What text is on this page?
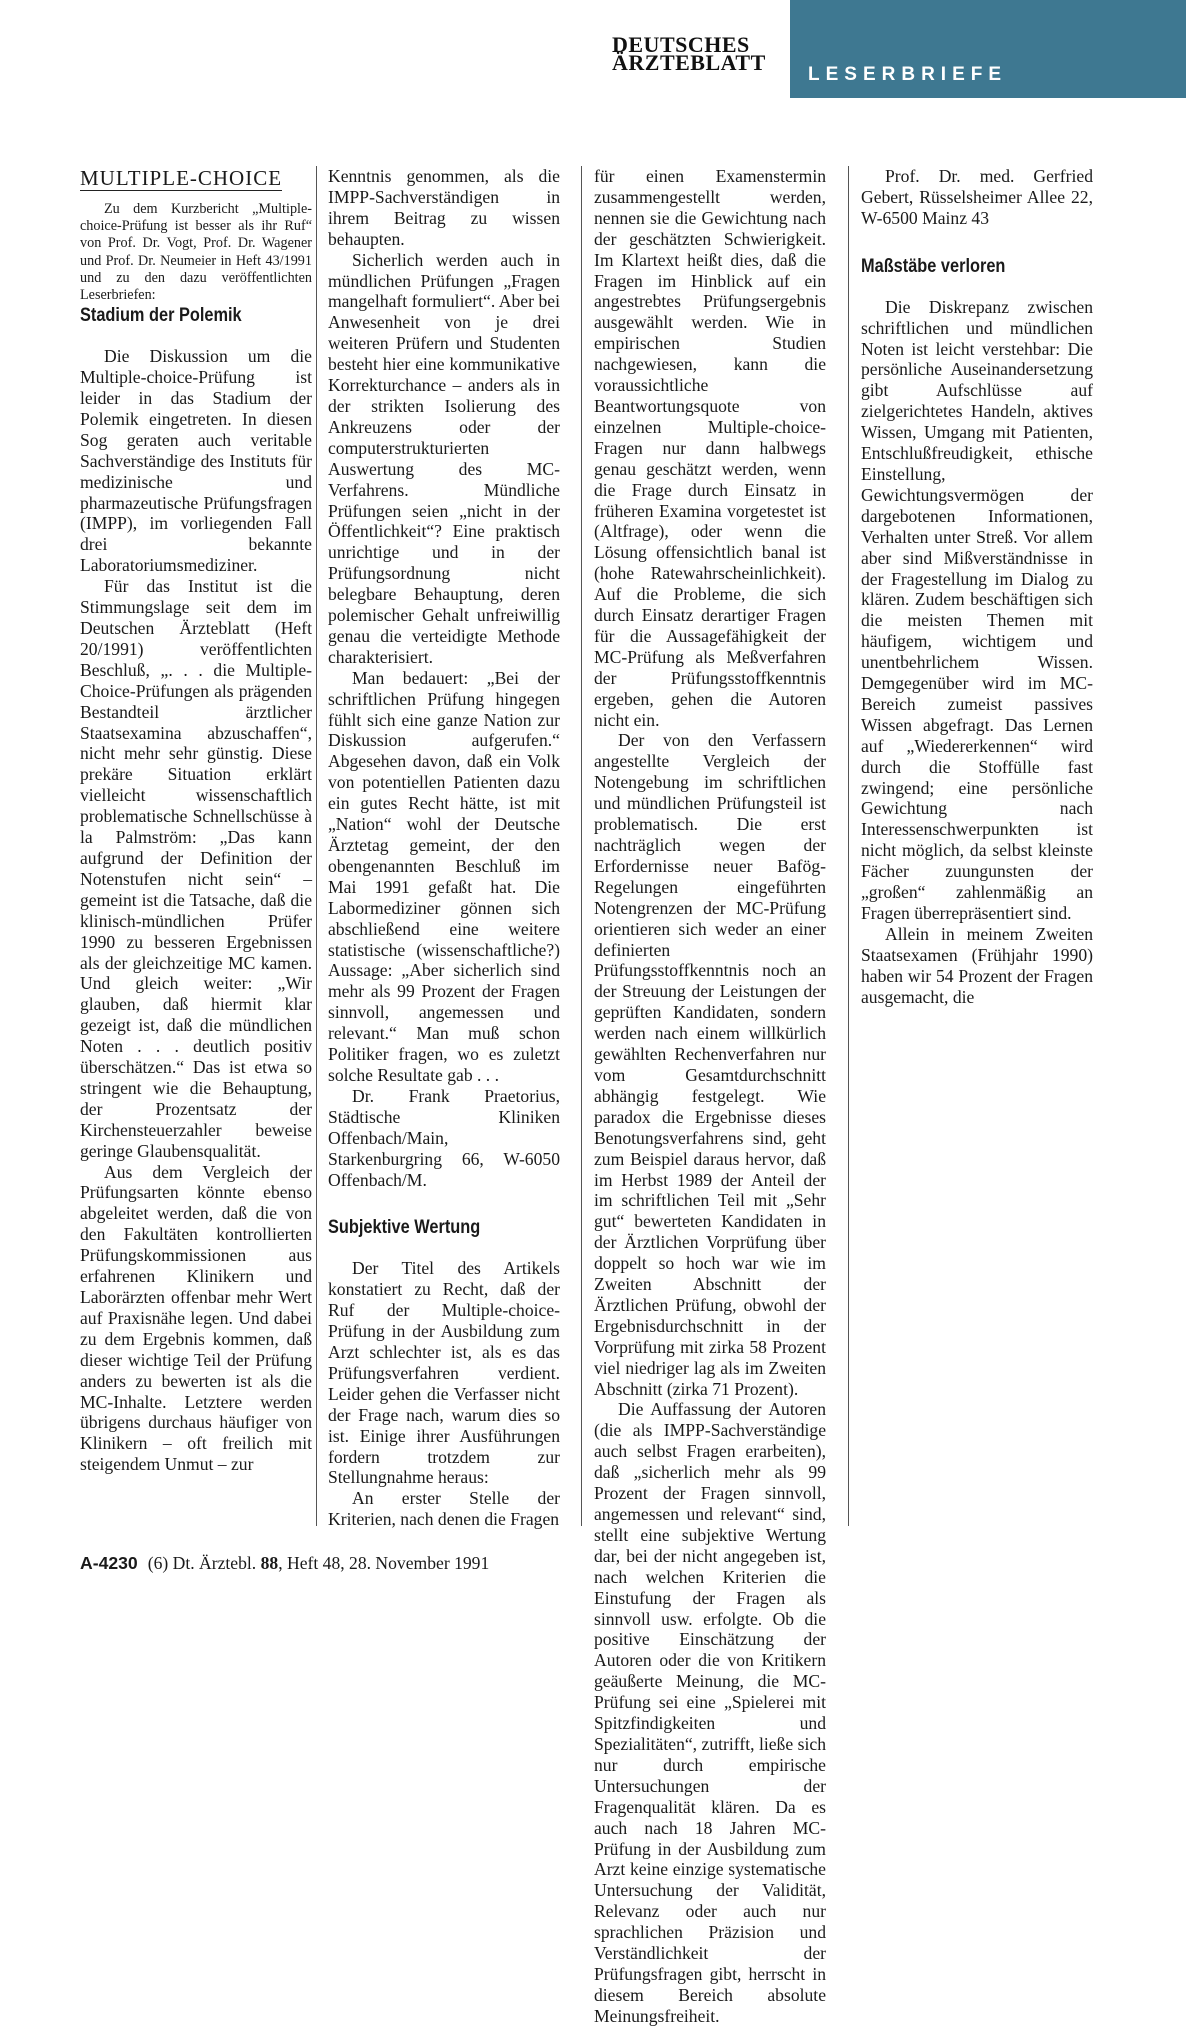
LESERBRIEFE
DEUTSCHES
ÄRZTEBLATT
MULTIPLE-CHOICE

Zu dem Kurzbericht „Multiple-choice-Prüfung ist besser als ihr Ruf“ von Prof. Dr. Vogt, Prof. Dr. Wagener und Prof. Dr. Neumeier in Heft 43/1991 und zu den dazu veröffentlichten Leserbriefen:

Stadium der Polemik

Die Diskussion um die Multiple-choice-Prüfung ist leider in das Stadium der Polemik eingetreten. In diesen Sog geraten auch veritable Sachverständige des Instituts für medizinische und pharmazeutische Prüfungsfragen (IMPP), im vorliegenden Fall drei bekannte Laboratoriumsmediziner.

Für das Institut ist die Stimmungslage seit dem im Deutschen Ärzteblatt (Heft 20/1991) veröffentlichten Beschluß, „. . . die Multiple-Choice-Prüfungen als prägenden Bestandteil ärztlicher Staatsexamina abzuschaffen“, nicht mehr sehr günstig. Diese prekäre Situation erklärt vielleicht wissenschaftlich problematische Schnellschüsse à la Palmström: „Das kann aufgrund der Definition der Notenstufen nicht sein“ – gemeint ist die Tatsache, daß die klinisch-mündlichen Prüfer 1990 zu besseren Ergebnissen als der gleichzeitige MC kamen. Und gleich weiter: „Wir glauben, daß hiermit klar gezeigt ist, daß die mündlichen Noten . . . deutlich positiv überschätzen.“ Das ist etwa so stringent wie die Behauptung, der Prozentsatz der Kirchensteuerzahler beweise geringe Glaubensqualität.

Aus dem Vergleich der Prüfungsarten könnte ebenso abgeleitet werden, daß die von den Fakultäten kontrollierten Prüfungskommissionen aus erfahrenen Klinikern und Laborärzten offenbar mehr Wert auf Praxisnähe legen. Und dabei zu dem Ergebnis kommen, daß dieser wichtige Teil der Prüfung anders zu bewerten ist als die MC-Inhalte. Letztere werden übrigens durchaus häufiger von Klinikern – oft freilich mit steigendem Unmut – zur

Kenntnis genommen, als die IMPP-Sachverständigen in ihrem Beitrag zu wissen behaupten.

Sicherlich werden auch in mündlichen Prüfungen „Fragen mangelhaft formuliert“. Aber bei Anwesenheit von je drei weiteren Prüfern und Studenten besteht hier eine kommunikative Korrekturchance – anders als in der strikten Isolierung des Ankreuzens oder der computerstrukturierten Auswertung des MC-Verfahrens. Mündliche Prüfungen seien „nicht in der Öffentlichkeit“? Eine praktisch unrichtige und in der Prüfungsordnung nicht belegbare Behauptung, deren polemischer Gehalt unfreiwillig genau die verteidigte Methode charakterisiert.

Man bedauert: „Bei der schriftlichen Prüfung hingegen fühlt sich eine ganze Nation zur Diskussion aufgerufen.“ Abgesehen davon, daß ein Volk von potentiellen Patienten dazu ein gutes Recht hätte, ist mit „Nation“ wohl der Deutsche Ärztetag gemeint, der den obengenannten Beschluß im Mai 1991 gefaßt hat. Die Labormediziner gönnen sich abschließend eine weitere statistische (wissenschaftliche?) Aussage: „Aber sicherlich sind mehr als 99 Prozent der Fragen sinnvoll, angemessen und relevant.“ Man muß schon Politiker fragen, wo es zuletzt solche Resultate gab . . .

Dr. Frank Praetorius, Städtische Kliniken Offenbach/Main, Starkenburgring 66, W-6050 Offenbach/M.

Subjektive Wertung

Der Titel des Artikels konstatiert zu Recht, daß der Ruf der Multiple-choice-Prüfung in der Ausbildung zum Arzt schlechter ist, als es das Prüfungsverfahren verdient. Leider gehen die Verfasser nicht der Frage nach, warum dies so ist. Einige ihrer Ausführungen fordern trotzdem zur Stellungnahme heraus:

An erster Stelle der Kriterien, nach denen die Fragen

für einen Examenstermin zusammengestellt werden, nennen sie die Gewichtung nach der geschätzten Schwierigkeit. Im Klartext heißt dies, daß die Fragen im Hinblick auf ein angestrebtes Prüfungsergebnis ausgewählt werden. Wie in empirischen Studien nachgewiesen, kann die voraussichtliche Beantwortungsquote von einzelnen Multiple-choice-Fragen nur dann halbwegs genau geschätzt werden, wenn die Frage durch Einsatz in früheren Examina vorgetestet ist (Altfrage), oder wenn die Lösung offensichtlich banal ist (hohe Ratewahrscheinlichkeit). Auf die Probleme, die sich durch Einsatz derartiger Fragen für die Aussagefähigkeit der MC-Prüfung als Meßverfahren der Prüfungsstoffkenntnis ergeben, gehen die Autoren nicht ein.

Der von den Verfassern angestellte Vergleich der Notengebung im schriftlichen und mündlichen Prüfungsteil ist problematisch. Die erst nachträglich wegen der Erfordernisse neuer Bafög-Regelungen eingeführten Notengrenzen der MC-Prüfung orientieren sich weder an einer definierten Prüfungsstoffkenntnis noch an der Streuung der Leistungen der geprüften Kandidaten, sondern werden nach einem willkürlich gewählten Rechenverfahren nur vom Gesamtdurchschnitt abhängig festgelegt. Wie paradox die Ergebnisse dieses Benotungsverfahrens sind, geht zum Beispiel daraus hervor, daß im Herbst 1989 der Anteil der im schriftlichen Teil mit „Sehr gut“ bewerteten Kandidaten in der Ärztlichen Vorprüfung über doppelt so hoch war wie im Zweiten Abschnitt der Ärztlichen Prüfung, obwohl der Ergebnisdurchschnitt in der Vorprüfung mit zirka 58 Prozent viel niedriger lag als im Zweiten Abschnitt (zirka 71 Prozent).

Die Auffassung der Autoren (die als IMPP-Sachverständige auch selbst Fragen erarbeiten), daß „sicherlich mehr als 99 Prozent der Fragen sinnvoll, angemessen und relevant“ sind, stellt eine subjektive Wertung dar, bei der nicht angegeben ist, nach welchen Kriterien die Einstufung der Fragen als sinnvoll usw. erfolgte. Ob die positive Einschätzung der Autoren oder die von Kritikern geäußerte Meinung, die MC-Prüfung sei eine „Spielerei mit Spitzfindigkeiten und Spezialitäten“, zutrifft, ließe sich nur durch empirische Untersuchungen der Fragenqualität klären. Da es auch nach 18 Jahren MC-Prüfung in der Ausbildung zum Arzt keine einzige systematische Untersuchung der Validität, Relevanz oder auch nur sprachlichen Präzision und Verständlichkeit der Prüfungsfragen gibt, herrscht in diesem Bereich absolute Meinungsfreiheit.

Prof. Dr. med. Gerfried Gebert, Rüsselsheimer Allee 22, W-6500 Mainz 43

Maßstäbe verloren

Die Diskrepanz zwischen schriftlichen und mündlichen Noten ist leicht verstehbar: Die persönliche Auseinandersetzung gibt Aufschlüsse auf zielgerichtetes Handeln, aktives Wissen, Umgang mit Patienten, Entschlußfreudigkeit, ethische Einstellung, Gewichtungsvermögen der dargebotenen Informationen, Verhalten unter Streß. Vor allem aber sind Mißverständnisse in der Fragestellung im Dialog zu klären. Zudem beschäftigen sich die meisten Themen mit häufigem, wichtigem und unentbehrlichem Wissen. Demgegenüber wird im MC-Bereich zumeist passives Wissen abgefragt. Das Lernen auf „Wiedererkennen“ wird durch die Stoffülle fast zwingend; eine persönliche Gewichtung nach Interessenschwerpunkten ist nicht möglich, da selbst kleinste Fächer zuungunsten der „großen“ zahlenmäßig an Fragen überrepräsentiert sind.

Allein in meinem Zweiten Staatsexamen (Frühjahr 1990) haben wir 54 Prozent der Fragen ausgemacht, die

A-4230 (6) Dt. Ärztebl. 88, Heft 48, 28. November 1991
